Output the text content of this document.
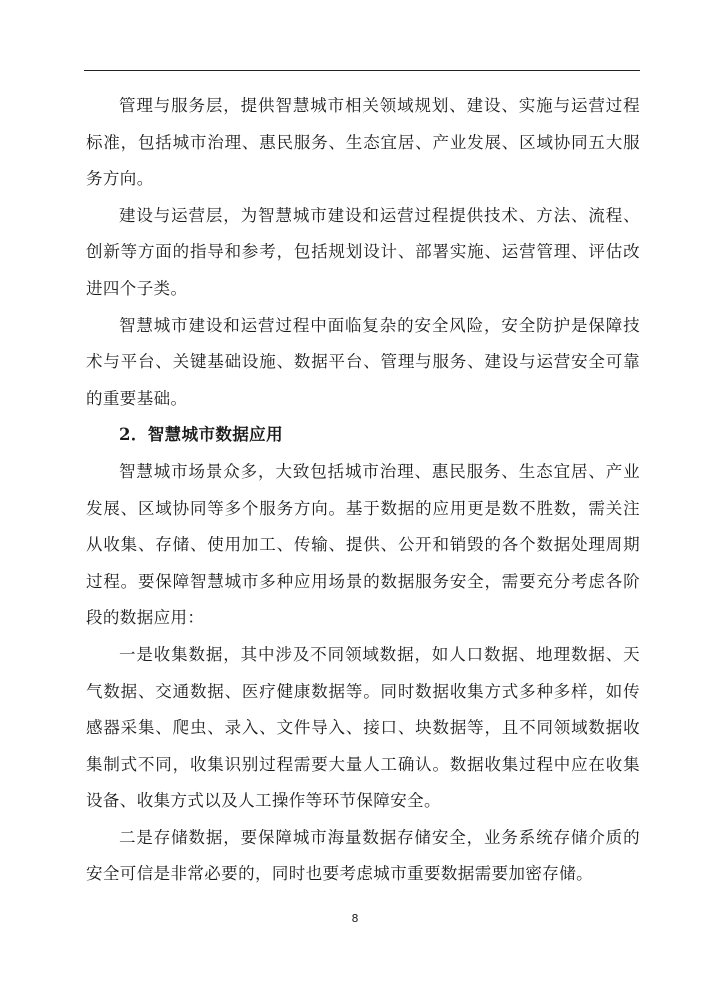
管理与服务层，提供智慧城市相关领域规划、建设、实施与运营过程标准，包括城市治理、惠民服务、生态宜居、产业发展、区域协同五大服务方向。

建设与运营层，为智慧城市建设和运营过程提供技术、方法、流程、创新等方面的指导和参考，包括规划设计、部署实施、运营管理、评估改进四个子类。

智慧城市建设和运营过程中面临复杂的安全风险，安全防护是保障技术与平台、关键基础设施、数据平台、管理与服务、建设与运营安全可靠的重要基础。

2．智慧城市数据应用

智慧城市场景众多，大致包括城市治理、惠民服务、生态宜居、产业发展、区域协同等多个服务方向。基于数据的应用更是数不胜数，需关注从收集、存储、使用加工、传输、提供、公开和销毁的各个数据处理周期过程。要保障智慧城市多种应用场景的数据服务安全，需要充分考虑各阶段的数据应用：

一是收集数据，其中涉及不同领域数据，如人口数据、地理数据、天气数据、交通数据、医疗健康数据等。同时数据收集方式多种多样，如传感器采集、爬虫、录入、文件导入、接口、块数据等，且不同领域数据收集制式不同，收集识别过程需要大量人工确认。数据收集过程中应在收集设备、收集方式以及人工操作等环节保障安全。

二是存储数据，要保障城市海量数据存储安全，业务系统存储介质的安全可信是非常必要的，同时也要考虑城市重要数据需要加密存储。

8
